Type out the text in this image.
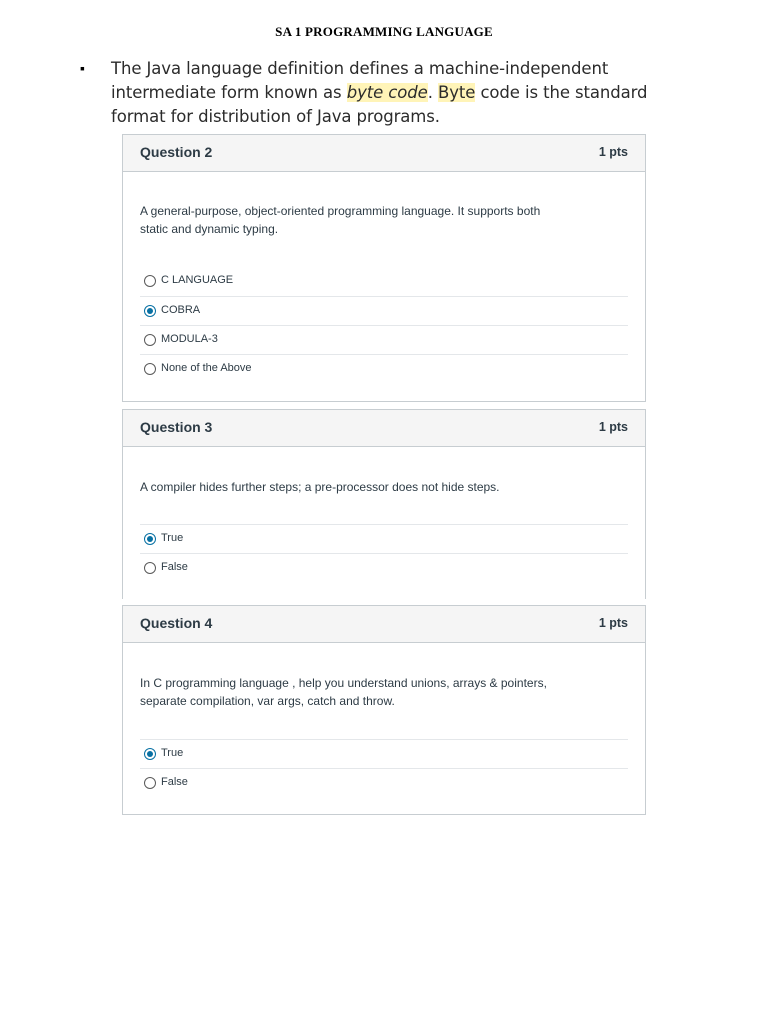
SA 1 PROGRAMMING LANGUAGE
▪ The Java language definition defines a machine-independent intermediate form known as byte code. Byte code is the standard format for distribution of Java programs.
Question 2	1 pts
A general-purpose, object-oriented programming language. It supports both static and dynamic typing.
C LANGUAGE
COBRA
MODULA-3
None of the Above
Question 3	1 pts
A compiler hides further steps; a pre-processor does not hide steps.
True
False
Question 4	1 pts
In C programming language , help you understand unions, arrays & pointers, separate compilation, var args, catch and throw.
True
False
